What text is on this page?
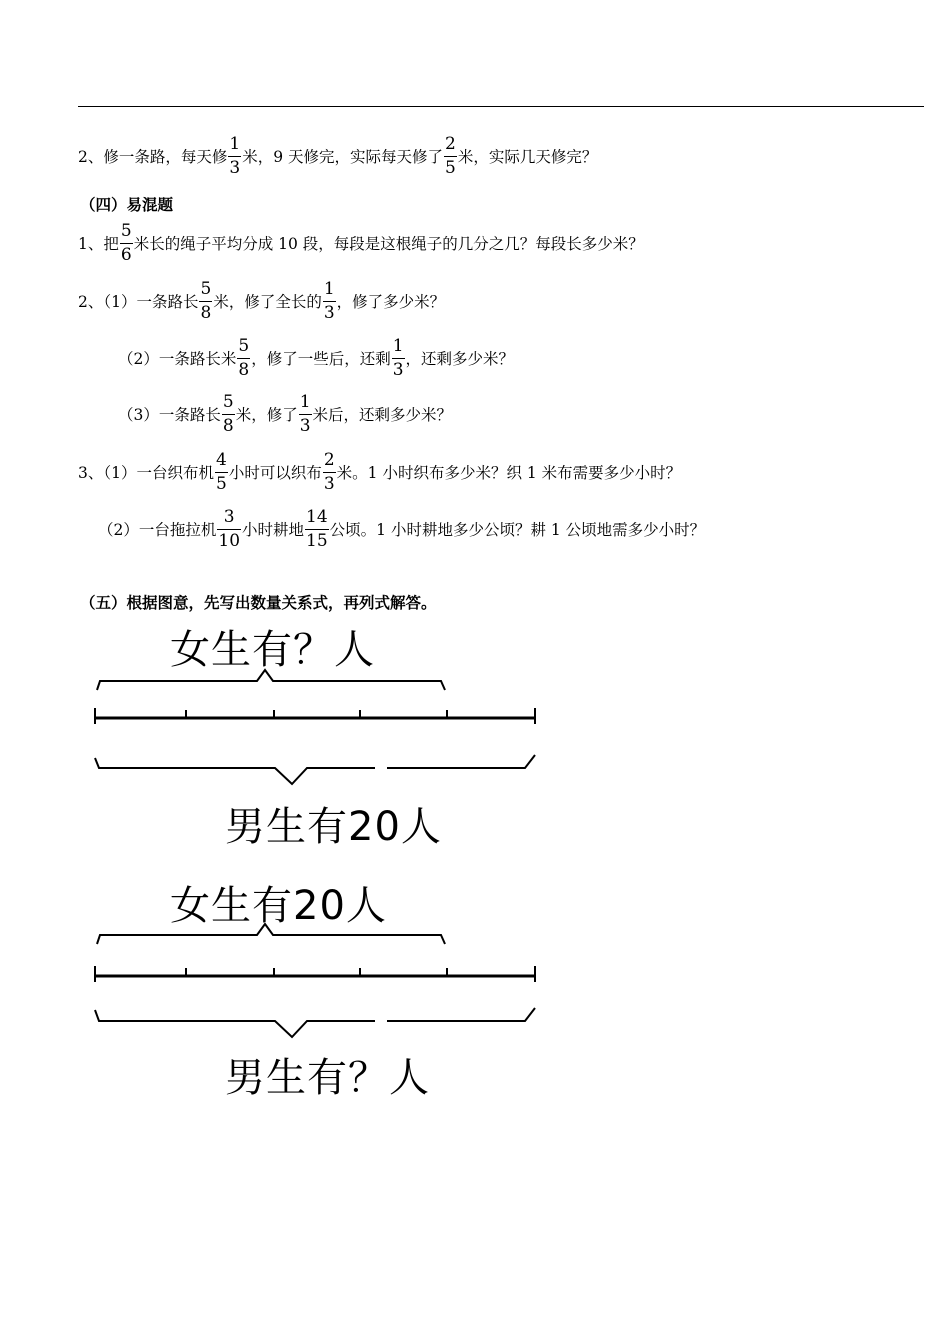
2、修一条路，每天修 $\frac{1}{3}$ 米，9 天修完，实际每天修了 $\frac{2}{5}$ 米，实际几天修完？
（四）易混题
1、把 $\frac{5}{6}$ 米长的绳子平均分成 10 段，每段是这根绳子的几分之几？每段长多少米？
2、（1）一条路长 $\frac{5}{8}$ 米，修了全长的 $\frac{1}{3}$ ，修了多少米？
（2）一条路长米 $\frac{5}{8}$ ，修了一些后，还剩 $\frac{1}{3}$ ，还剩多少米？
（3）一条路长 $\frac{5}{8}$ 米，修了 $\frac{1}{3}$ 米后，还剩多少米？
3、（1）一台织布机 $\frac{4}{5}$ 小时可以织布 $\frac{2}{3}$ 米。1 小时织布多少米？织 1 米布需要多少小时？
（2）一台拖拉机 $\frac{3}{10}$ 小时耕地 $\frac{14}{15}$ 公顷。1 小时耕地多少公顷？耕 1 公顷地需多少小时？
（五）根据图意，先写出数量关系式，再列式解答。
女生有？人
男生有20人
女生有20人
男生有？人
